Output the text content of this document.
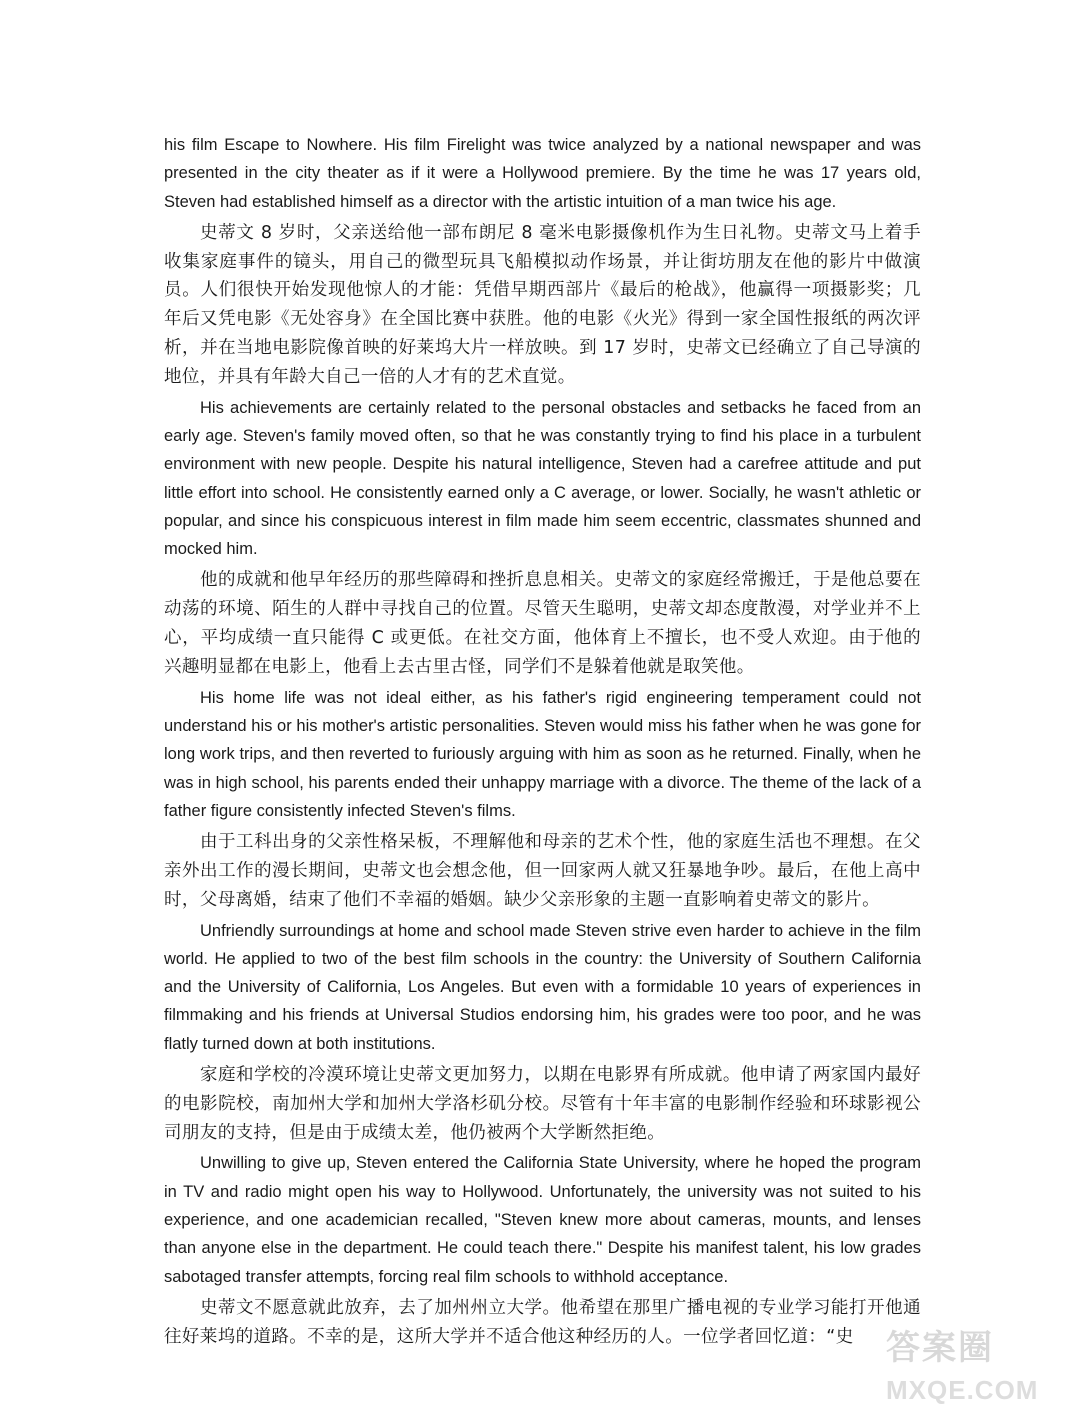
his film Escape to Nowhere. His film Firelight was twice analyzed by a national newspaper and was presented in the city theater as if it were a Hollywood premiere. By the time he was 17 years old, Steven had established himself as a director with the artistic intuition of a man twice his age.

史蒂文 8 岁时，父亲送给他一部布朗尼 8 毫米电影摄像机作为生日礼物。史蒂文马上着手收集家庭事件的镜头，用自己的微型玩具飞船模拟动作场景，并让街坊朋友在他的影片中做演员。人们很快开始发现他惊人的才能：凭借早期西部片《最后的枪战》，他赢得一项摄影奖；几年后又凭电影《无处容身》在全国比赛中获胜。他的电影《火光》得到一家全国性报纸的两次评析，并在当地电影院像首映的好莱坞大片一样放映。到 17 岁时，史蒂文已经确立了自己导演的地位，并具有年龄大自己一倍的人才有的艺术直觉。

His achievements are certainly related to the personal obstacles and setbacks he faced from an early age. Steven's family moved often, so that he was constantly trying to find his place in a turbulent environment with new people. Despite his natural intelligence, Steven had a carefree attitude and put little effort into school. He consistently earned only a C average, or lower. Socially, he wasn't athletic or popular, and since his conspicuous interest in film made him seem eccentric, classmates shunned and mocked him.

他的成就和他早年经历的那些障碍和挫折息息相关。史蒂文的家庭经常搬迁，于是他总要在动荡的环境、陌生的人群中寻找自己的位置。尽管天生聪明，史蒂文却态度散漫，对学业并不上心，平均成绩一直只能得 C 或更低。在社交方面，他体育上不擅长，也不受人欢迎。由于他的兴趣明显都在电影上，他看上去古里古怪，同学们不是躲着他就是取笑他。

His home life was not ideal either, as his father's rigid engineering temperament could not understand his or his mother's artistic personalities. Steven would miss his father when he was gone for long work trips, and then reverted to furiously arguing with him as soon as he returned. Finally, when he was in high school, his parents ended their unhappy marriage with a divorce. The theme of the lack of a father figure consistently infected Steven's films.

由于工科出身的父亲性格呆板，不理解他和母亲的艺术个性，他的家庭生活也不理想。在父亲外出工作的漫长期间，史蒂文也会想念他，但一回家两人就又狂暴地争吵。最后，在他上高中时，父母离婚，结束了他们不幸福的婚姻。缺少父亲形象的主题一直影响着史蒂文的影片。

Unfriendly surroundings at home and school made Steven strive even harder to achieve in the film world. He applied to two of the best film schools in the country: the University of Southern California and the University of California, Los Angeles. But even with a formidable 10 years of experiences in filmmaking and his friends at Universal Studios endorsing him, his grades were too poor, and he was flatly turned down at both institutions.

家庭和学校的冷漠环境让史蒂文更加努力，以期在电影界有所成就。他申请了两家国内最好的电影院校，南加州大学和加州大学洛杉矶分校。尽管有十年丰富的电影制作经验和环球影视公司朋友的支持，但是由于成绩太差，他仍被两个大学断然拒绝。

Unwilling to give up, Steven entered the California State University, where he hoped the program in TV and radio might open his way to Hollywood. Unfortunately, the university was not suited to his experience, and one academician recalled, "Steven knew more about cameras, mounts, and lenses than anyone else in the department. He could teach there." Despite his manifest talent, his low grades sabotaged transfer attempts, forcing real film schools to withhold acceptance.

史蒂文不愿意就此放弃，去了加州州立大学。他希望在那里广播电视的专业学习能打开他通往好莱坞的道路。不幸的是，这所大学并不适合他这种经历的人。一位学者回忆道：“史 答案圈
MXQE.COM
